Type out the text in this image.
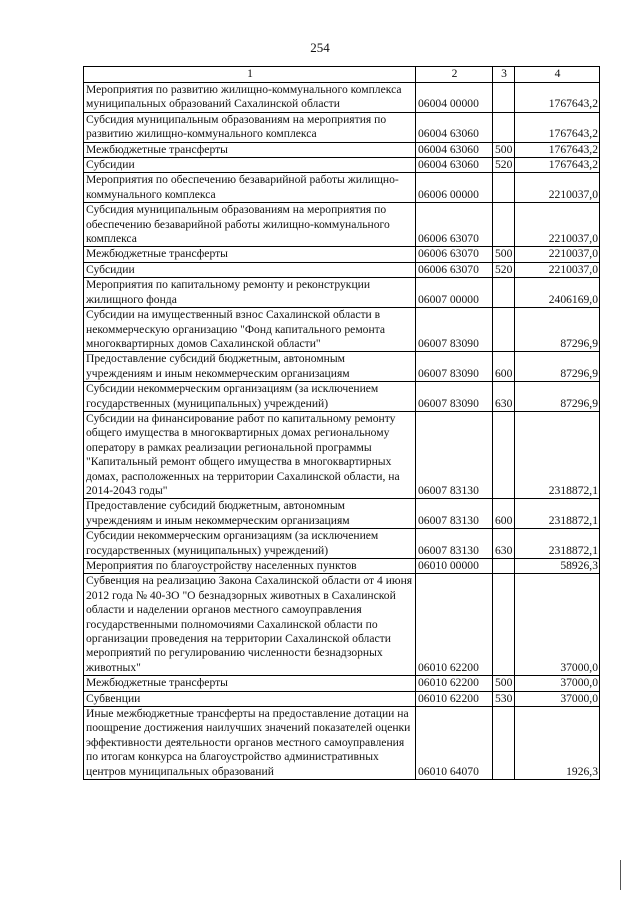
254
1	2	3	4
Мероприятия по развитию жилищно-коммунального комплекса муниципальных образований Сахалинской области	06004 00000		1767643,2
Субсидия муниципальным образованиям на мероприятия по развитию жилищно-коммунального комплекса	06004 63060		1767643,2
Межбюджетные трансферты	06004 63060	500	1767643,2
Субсидии	06004 63060	520	1767643,2
Мероприятия по обеспечению безаварийной работы жилищно-коммунального комплекса	06006 00000		2210037,0
Субсидия муниципальным образованиям на мероприятия по обеспечению безаварийной работы жилищно-коммунального комплекса	06006 63070		2210037,0
Межбюджетные трансферты	06006 63070	500	2210037,0
Субсидии	06006 63070	520	2210037,0
Мероприятия по капитальному ремонту и реконструкции жилищного фонда	06007 00000		2406169,0
Субсидии на имущественный взнос Сахалинской области в некоммерческую организацию "Фонд капитального ремонта многоквартирных домов Сахалинской области"	06007 83090		87296,9
Предоставление субсидий бюджетным, автономным учреждениям и иным некоммерческим организациям	06007 83090	600	87296,9
Субсидии некоммерческим организациям (за исключением государственных (муниципальных) учреждений)	06007 83090	630	87296,9
Субсидии на финансирование работ по капитальному ремонту общего имущества в многоквартирных домах региональному оператору в рамках реализации региональной программы "Капитальный ремонт общего имущества в многоквартирных домах, расположенных на территории Сахалинской области, на 2014-2043 годы"	06007 83130		2318872,1
Предоставление субсидий бюджетным, автономным учреждениям и иным некоммерческим организациям	06007 83130	600	2318872,1
Субсидии некоммерческим организациям (за исключением государственных (муниципальных) учреждений)	06007 83130	630	2318872,1
Мероприятия по благоустройству населенных пунктов	06010 00000		58926,3
Субвенция на реализацию Закона Сахалинской области от 4 июня 2012 года № 40-ЗО "О безнадзорных животных в Сахалинской области и наделении органов местного самоуправления государственными полномочиями Сахалинской области по организации проведения на территории Сахалинской области мероприятий по регулированию численности безнадзорных животных"	06010 62200		37000,0
Межбюджетные трансферты	06010 62200	500	37000,0
Субвенции	06010 62200	530	37000,0
Иные межбюджетные трансферты на предоставление дотации на поощрение достижения наилучших значений показателей оценки эффективности деятельности органов местного самоуправления по итогам конкурса на благоустройство административных центров муниципальных образований	06010 64070		1926,3
